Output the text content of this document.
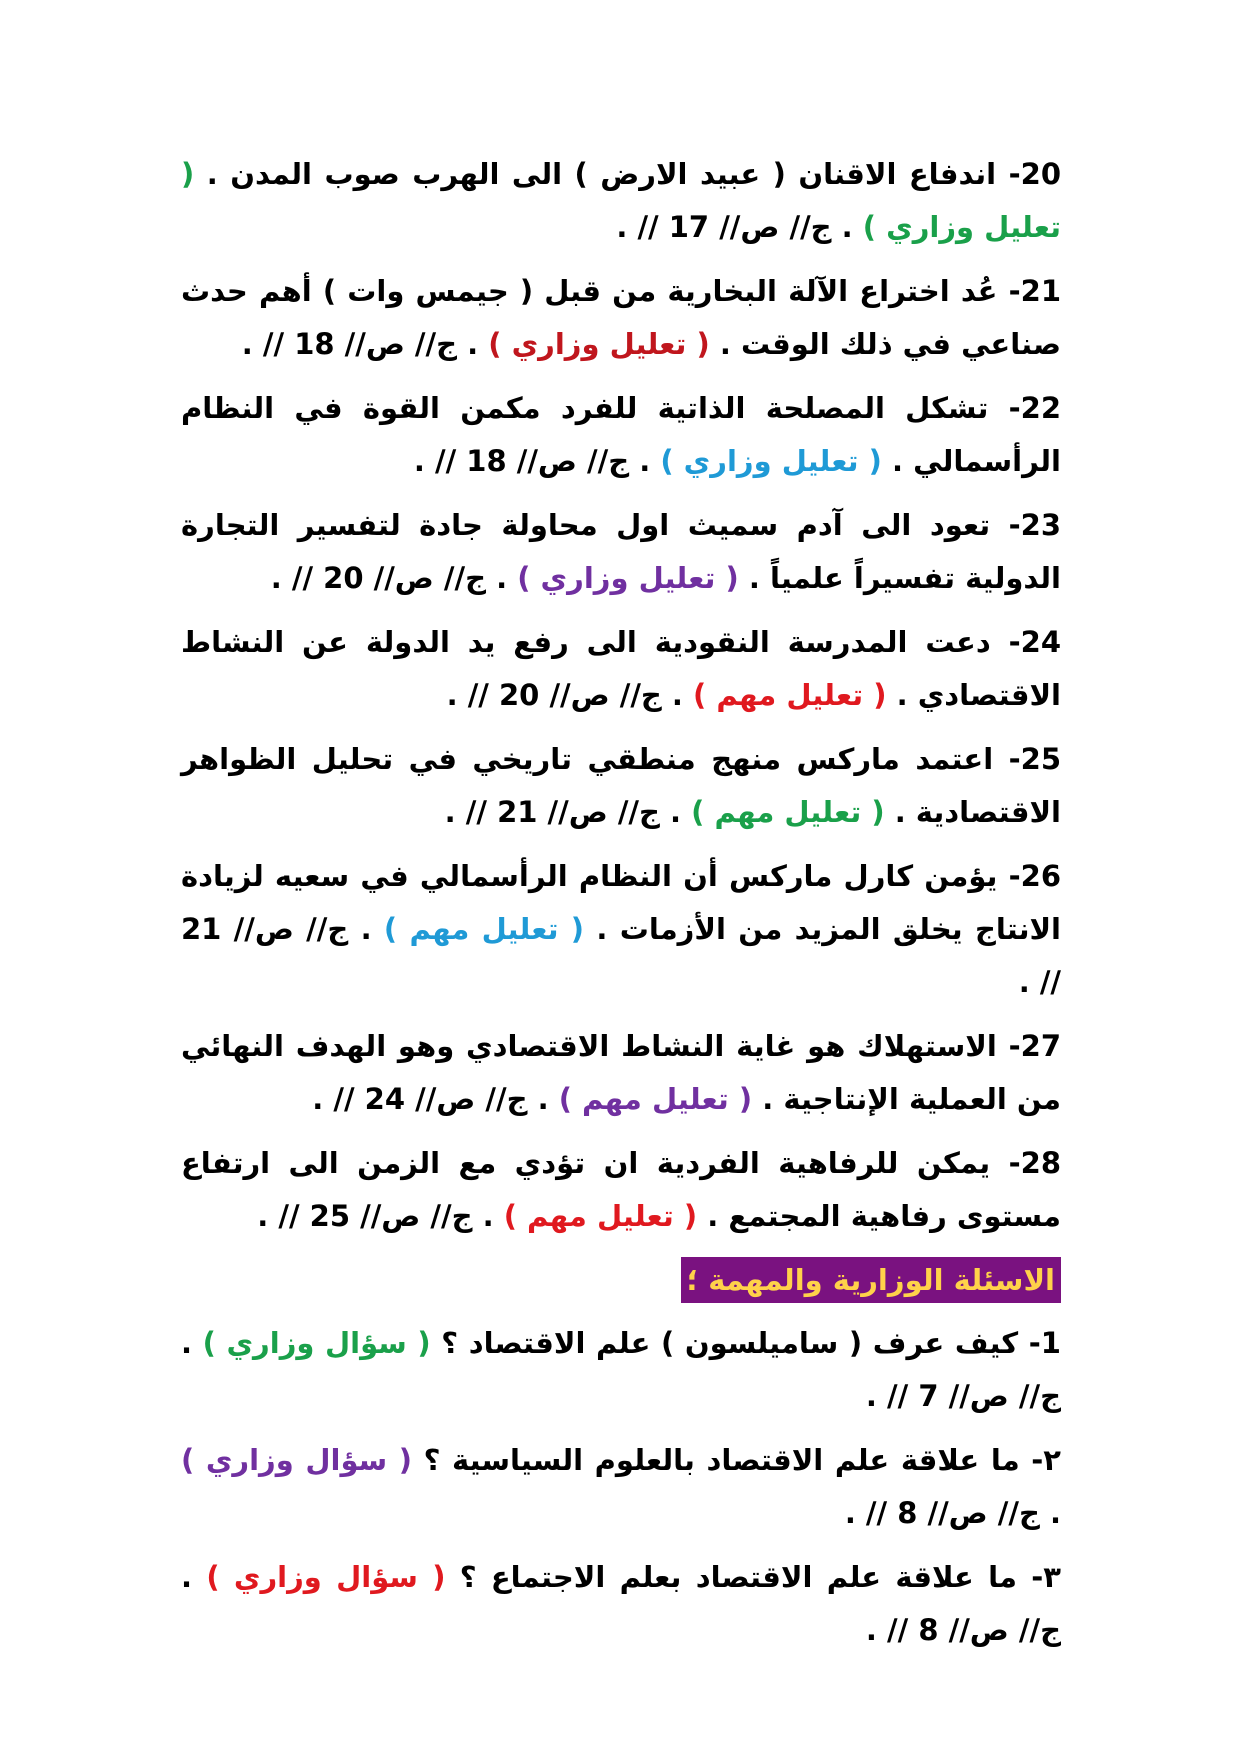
20- اندفاع الاقنان ( عبيد الارض ) الى الهرب صوب المدن . ( تعليل وزاري ) . ج// ص// 17 // .
21- عُد اختراع الآلة البخارية من قبل ( جيمس وات ) أهم حدث صناعي في ذلك الوقت . ( تعليل وزاري ) . ج// ص// 18 // .
22- تشكل المصلحة الذاتية للفرد مكمن القوة في النظام الرأسمالي . ( تعليل وزاري ) . ج// ص// 18 // .
23- تعود الى آدم سميث اول محاولة جادة لتفسير التجارة الدولية تفسيراً علمياً . ( تعليل وزاري ) . ج// ص// 20 // .
24- دعت المدرسة النقودية الى رفع يد الدولة عن النشاط الاقتصادي . ( تعليل مهم ) . ج// ص// 20 // .
25- اعتمد ماركس منهج منطقي تاريخي في تحليل الظواهر الاقتصادية . ( تعليل مهم ) . ج// ص// 21 // .
26- يؤمن كارل ماركس أن النظام الرأسمالي في سعيه لزيادة الانتاج يخلق المزيد من الأزمات . ( تعليل مهم ) . ج// ص// 21 // .
27- الاستهلاك هو غاية النشاط الاقتصادي وهو الهدف النهائي من العملية الإنتاجية . ( تعليل مهم ) . ج// ص// 24 // .
28- يمكن للرفاهية الفردية ان تؤدي مع الزمن الى ارتفاع مستوى رفاهية المجتمع . ( تعليل مهم ) . ج// ص// 25 // .
الاسئلة الوزارية والمهمة ؛
1- كيف عرف ( ساميلسون ) علم الاقتصاد ؟ ( سؤال وزاري ) . ج// ص// 7 // .
٢- ما علاقة علم الاقتصاد بالعلوم السياسية ؟ ( سؤال وزاري ) . ج// ص// 8 // .
٣- ما علاقة علم الاقتصاد بعلم الاجتماع ؟ ( سؤال وزاري ) . ج// ص// 8 // .
